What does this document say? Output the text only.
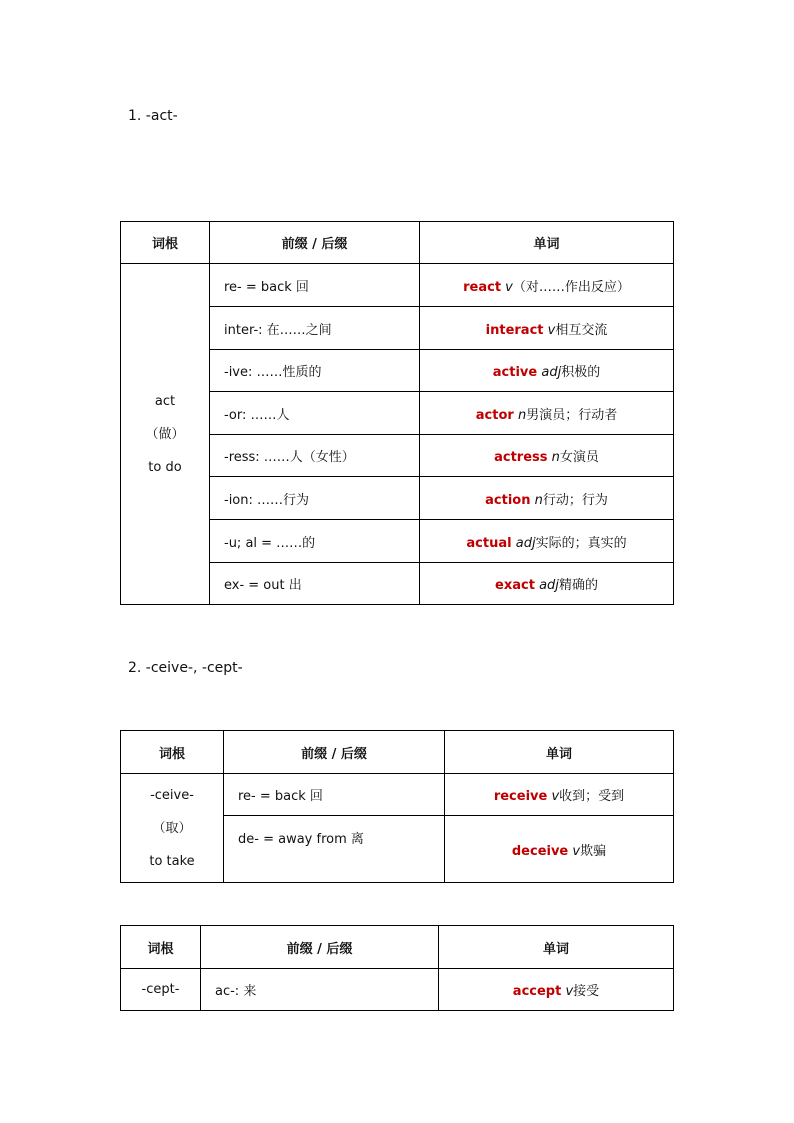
1. -act-
词根	前缀 / 后缀	单词

act
（做）
to do	re- = back 回	react v（对……作出反应）
	inter-: 在……之间	interact v相互交流
	-ive: ……性质的	active adj积极的
	-or: ……人	actor n男演员；行动者
	-ress: ……人（女性）	actress n女演员
	-ion: ……行为	action n行动；行为
	-u; al = ……的	actual adj实际的；真实的
	ex- = out 出	exact adj精确的
2. -ceive-, -cept-
词根	前缀 / 后缀	单词

-ceive-
（取）
to take	re- = back 回	receive v收到；受到
	de- = away from 离	deceive v欺骗
词根	前缀 / 后缀	单词

-cept-	ac-: 来	accept v接受
